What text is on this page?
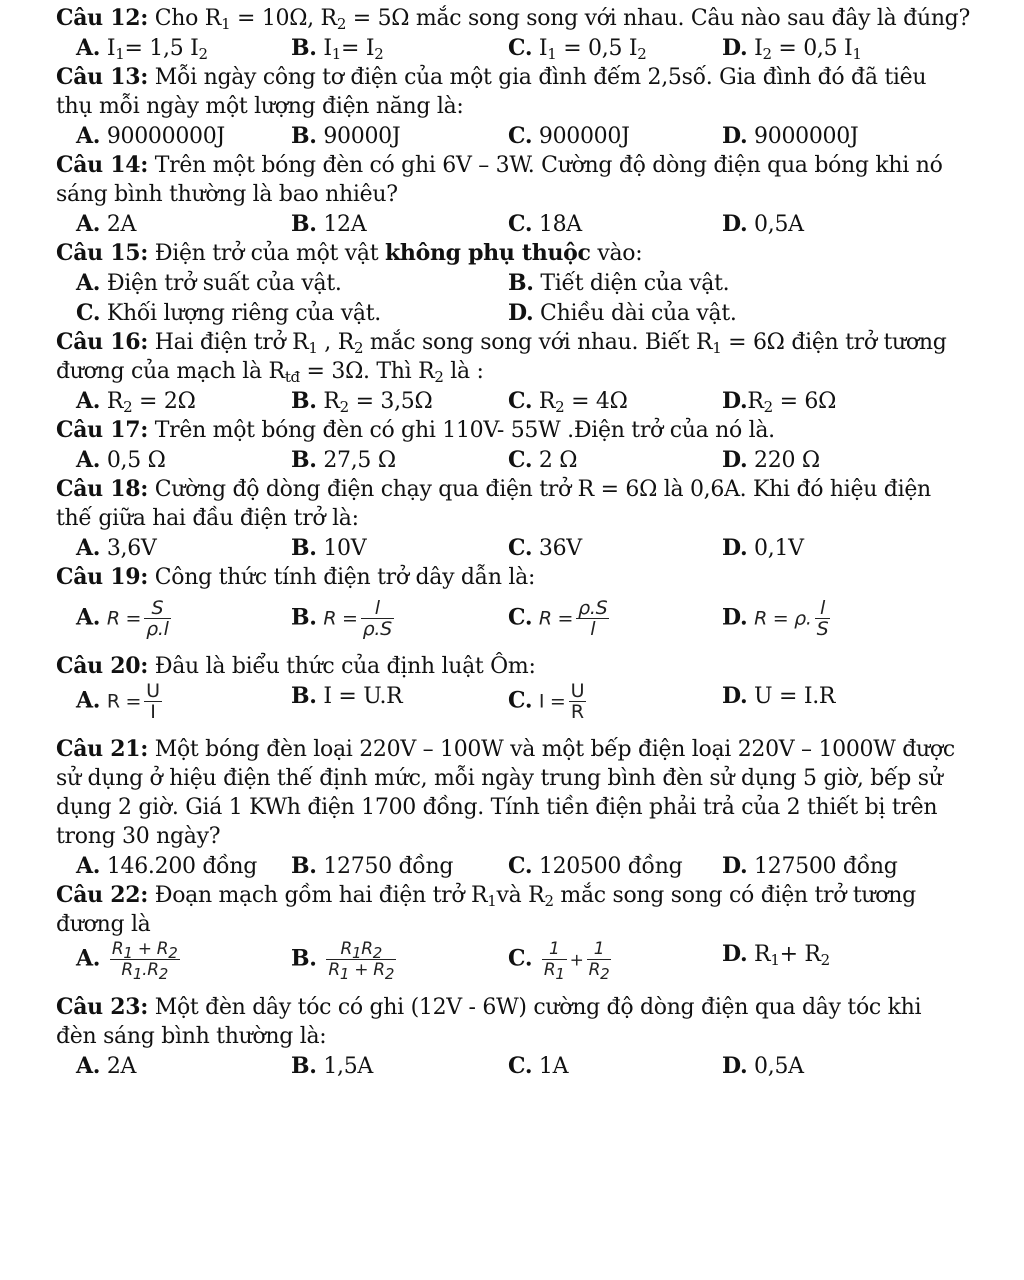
Câu 12: Cho $R_1 = 10\Omega$, $R_2 = 5\Omega$ mắc song song với nhau. Câu nào sau đây là đúng?

A. $I_1= 1,5$ $I_2$	B. $I_1= I_2$	C. $I_1 = 0,5$ $I_2$	D. $I_2 = 0,5$ $I_1$

Câu 13: Mỗi ngày công tơ điện của một gia đình đếm 2,5số. Gia đình đó đã tiêu

thụ mỗi ngày một lượng điện năng là:

A. 90000000J	B. 90000J	C. 900000J	D. 9000000J

Câu 14: Trên một bóng đèn có ghi 6V – 3W. Cường độ dòng điện qua bóng khi nó

sáng bình thường là bao nhiêu?

A. 2A	B. 12A	C. 18A	D. 0,5A

Câu 15: Điện trở của một vật không phụ thuộc vào:

A. Điện trở suất của vật.	B. Tiết diện của vật.
C. Khối lượng riêng của vật.	D. Chiều dài của vật.

Câu 16: Hai điện trở $R_1$ , $R_2$ mắc song song với nhau. Biết $R_1 = 6\Omega$ điện trở tương

đương của mạch là $R_{tđ} = 3\Omega$. Thì $R_2$ là :

A. $R_2 = 2\Omega$	B. $R_2 = 3,5\Omega$	C. $R_2 = 4\Omega$	$D.R_2 = 6\Omega$

Câu 17: Trên một bóng đèn có ghi 110V- 55W .Điện trở của nó là.

A. 0,5 Ω	B. 27,5 Ω	C. 2 Ω	D. 220 Ω

Câu 18: Cường độ dòng điện chạy qua điện trở R = 6Ω là 0,6A. Khi đó hiệu điện

thế giữa hai đầu điện trở là:

A. 3,6V	B. 10V	C. 36V	D. 0,1V

Câu 19: Công thức tính điện trở dây dẫn là:

A. $R = \frac{S}{\rho.l}$	B. $R = \frac{l}{\rho.S}$	C. $R = \frac{\rho.S}{l}$	D. R = ρ. $\frac{l}{S}$

Câu 20: Đâu là biểu thức của định luật Ôm:

A. $R = \frac{U}{I}$	B. I = U.R	C. $I = \frac{U}{R}$	D. U = I.R

Câu 21: Một bóng đèn loại 220V – 100W và một bếp điện loại 220V – 1000W được

sử dụng ở hiệu điện thế định mức, mỗi ngày trung bình đèn sử dụng 5 giờ, bếp sử

dụng 2 giờ. Giá 1 KWh điện 1700 đồng. Tính tiền điện phải trả của 2 thiết bị trên

trong 30 ngày?

A. 146.200 đồng B. 12750 đồng C. 120500 đồng D. 127500 đồng

Câu 22: Đoạn mạch gồm hai điện trở $R_1và$ $R_2$ mắc song song có điện trở tương

đương là

A. $\frac{R_1 + R_2}{R_1.R_2}$	B. $\frac{R_1R_2}{R_1 + R_2}$	C. $\frac{1}{R_1} + \frac{1}{R_2}$	D. $R_1+ R_2$

Câu 23: Một đèn dây tóc có ghi (12V - 6W) cường độ dòng điện qua dây tóc khi

đèn sáng bình thường là:

A. 2A	B. 1,5A	C. 1A	D. 0,5A
